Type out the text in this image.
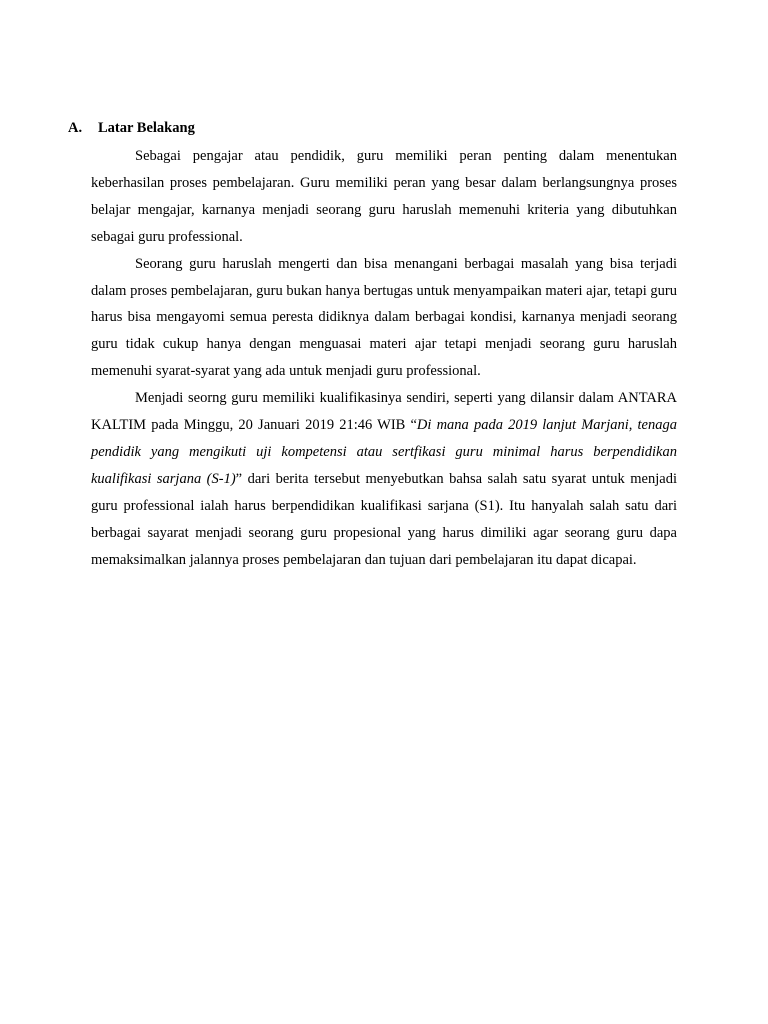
A. Latar Belakang

Sebagai pengajar atau pendidik, guru memiliki peran penting dalam menentukan keberhasilan proses pembelajaran. Guru memiliki peran yang besar dalam berlangsungnya proses belajar mengajar, karnanya menjadi seorang guru haruslah memenuhi kriteria yang dibutuhkan sebagai guru professional.

Seorang guru haruslah mengerti dan bisa menangani berbagai masalah yang bisa terjadi dalam proses pembelajaran, guru bukan hanya bertugas untuk menyampaikan materi ajar, tetapi guru harus bisa mengayomi semua peresta didiknya dalam berbagai kondisi, karnanya menjadi seorang guru tidak cukup hanya dengan menguasai materi ajar tetapi menjadi seorang guru haruslah memenuhi syarat-syarat yang ada untuk menjadi guru professional.

Menjadi seorng guru memiliki kualifikasinya sendiri, seperti yang dilansir dalam ANTARA KALTIM pada Minggu, 20 Januari 2019 21:46 WIB “Di mana pada 2019 lanjut Marjani, tenaga pendidik yang mengikuti uji kompetensi atau sertfikasi guru minimal harus berpendidikan kualifikasi sarjana (S-1)” dari berita tersebut menyebutkan bahsa salah satu syarat untuk menjadi guru professional ialah harus berpendidikan kualifikasi sarjana (S1). Itu hanyalah salah satu dari berbagai sayarat menjadi seorang guru propesional yang harus dimiliki agar seorang guru dapa memaksimalkan jalannya proses pembelajaran dan tujuan dari pembelajaran itu dapat dicapai.
